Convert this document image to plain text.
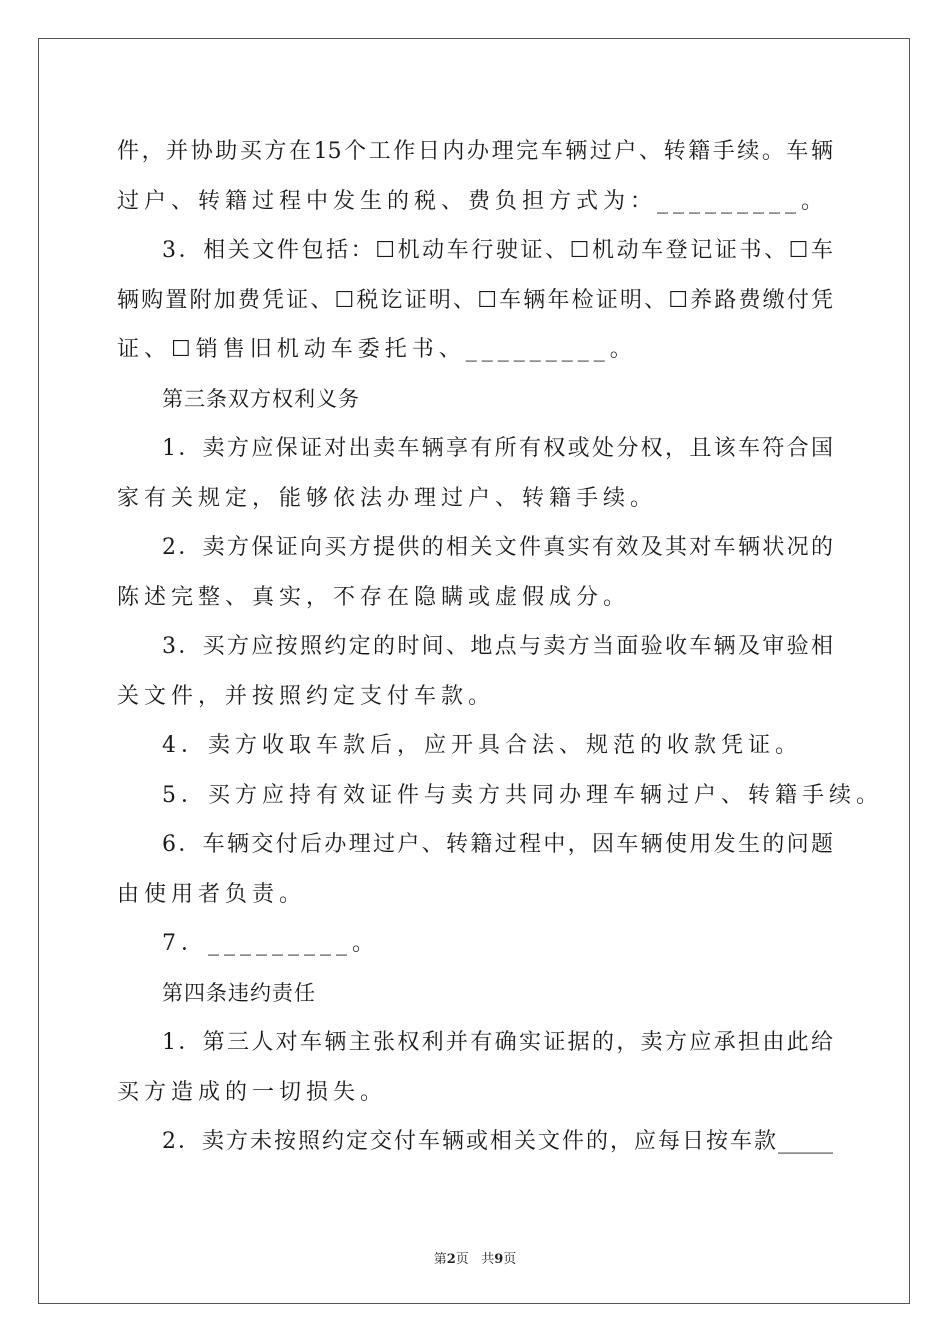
件，并协助买方在15个工作日内办理完车辆过户、转籍手续。车辆
过户、转籍过程中发生的税、费负担方式为：_________。
3．相关文件包括：☐机动车行驶证、☐机动车登记证书、☐车
辆购置附加费凭证、☐税讫证明、☐车辆年检证明、☐养路费缴付凭
证、☐销售旧机动车委托书、_________。
第三条双方权利义务
1．卖方应保证对出卖车辆享有所有权或处分权，且该车符合国
家有关规定，能够依法办理过户、转籍手续。
2．卖方保证向买方提供的相关文件真实有效及其对车辆状况的
陈述完整、真实，不存在隐瞒或虚假成分。
3．买方应按照约定的时间、地点与卖方当面验收车辆及审验相
关文件，并按照约定支付车款。
4．卖方收取车款后，应开具合法、规范的收款凭证。
5．买方应持有效证件与卖方共同办理车辆过户、转籍手续。
6．车辆交付后办理过户、转籍过程中，因车辆使用发生的问题
由使用者负责。
7．_________。
第四条违约责任
1．第三人对车辆主张权利并有确实证据的，卖方应承担由此给
买方造成的一切损失。
2．卖方未按照约定交付车辆或相关文件的，应每日按车款_____
第2页 共9页
